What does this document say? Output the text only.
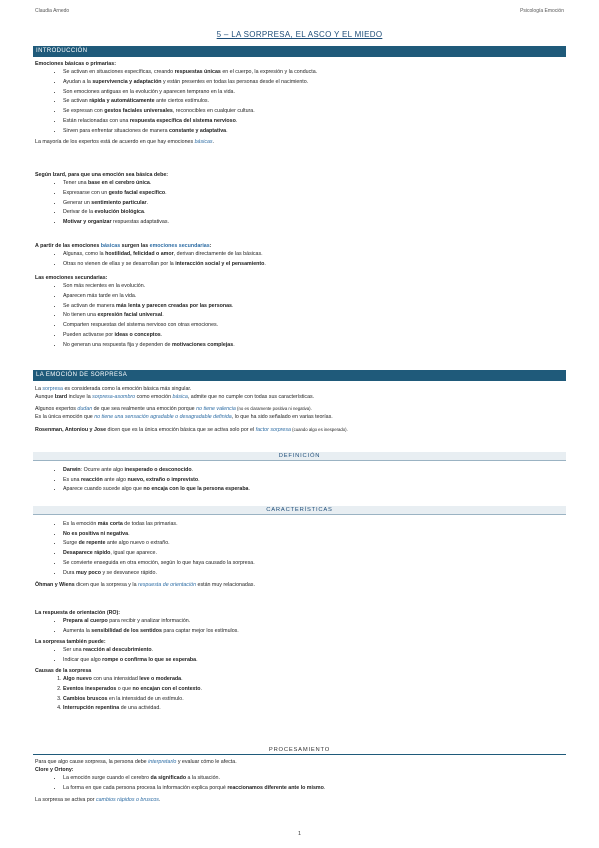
Claudia Arnedo	Psicología Emoción
5 – LA SORPRESA, EL ASCO Y EL MIEDO
INTRODUCCIÓN

Emociones básicas o primarias:

• Se activan en situaciones específicas, creando respuestas únicas en el cuerpo, la expresión y la conducta.
• Ayudan a la supervivencia y adaptación y están presentes en todas las personas desde el nacimiento.
• Son emociones antiguas en la evolución y aparecen temprano en la vida.
• Se activan rápida y automáticamente ante ciertos estímulos.
• Se expresan con gestos faciales universales, reconocibles en cualquier cultura.
• Están relacionadas con una respuesta específica del sistema nervioso.
• Sirven para enfrentar situaciones de manera constante y adaptativa.

La mayoría de los expertos está de acuerdo en que hay emociones básicas.

Según Izard, para que una emoción sea básica debe:

• Tener una base en el cerebro única.
• Expresarse con un gesto facial específico.
• Generar un sentimiento particular.
• Derivar de la evolución biológica.
• Motivar y organizar respuestas adaptativas.

A partir de las emociones básicas surgen las emociones secundarias:

• Algunas, como la hostilidad, felicidad o amor, derivan directamente de las básicas.
• Otras no vienen de ellas y se desarrollan por la interacción social y el pensamiento.

Las emociones secundarias:

• Son más recientes en la evolución.
• Aparecen más tarde en la vida.
• Se activan de manera más lenta y parecen creadas por las personas.
• No tienen una expresión facial universal.
• Comparten respuestas del sistema nervioso con otras emociones.
• Pueden activarse por ideas o conceptos.
• No generan una respuesta fija y dependen de motivaciones complejas.
LA EMOCIÓN DE SORPRESA

La sorpresa es considerada como la emoción básica más singular.

Aunque Izard incluye la sorpresa-asombro como emoción básica, admite que no cumple con todas sus características.

Algunos expertos dudan de que sea realmente una emoción porque no tiene valencia (no es claramente positiva ni negativa).

Es la única emoción que no tiene una sensación agradable o desagradable definida, lo que ha sido señalado en varias teorías.

Rosenman, Antoniou y Jose dicen que es la única emoción básica que se activa solo por el factor sorpresa (cuando algo es inesperado).

DEFINICIÓN
• Darwin: Ocurre ante algo inesperado o desconocido.
• Es una reacción ante algo nuevo, extraño o imprevisto.
• Aparece cuando sucede algo que no encaja con lo que la persona esperaba.
CARACTERÍSTICAS
• Es la emoción más corta de todas las primarias.
• No es positiva ni negativa.
• Surge de repente ante algo nuevo o extraño.
• Desaparece rápido, igual que aparece.
• Se convierte enseguida en otra emoción, según lo que haya causado la sorpresa.
• Dura muy poco y se desvanece rápido.

Öhman y Wiens dicen que la sorpresa y la respuesta de orientación están muy relacionadas.

La respuesta de orientación (RO):

• Prepara al cuerpo para recibir y analizar información.
• Aumenta la sensibilidad de los sentidos para captar mejor los estímulos.

La sorpresa también puede:

• Ser una reacción al descubrimiento.
• Indicar que algo rompe o confirma lo que se esperaba.

Causas de la sorpresa

1. Algo nuevo con una intensidad leve o moderada.
2. Eventos inesperados o que no encajan con el contexto.
3. Cambios bruscos en la intensidad de un estímulo.
4. Interrupción repentina de una actividad.
PROCESAMIENTO

Para que algo cause sorpresa, la persona debe interpretarlo y evaluar cómo le afecta.

Clore y Ortony:

• La emoción surge cuando el cerebro da significado a la situación.
• La forma en que cada persona procesa la información explica porqué reaccionamos diferente ante lo mismo.

La sorpresa se activa por cambios rápidos o bruscos.

1
